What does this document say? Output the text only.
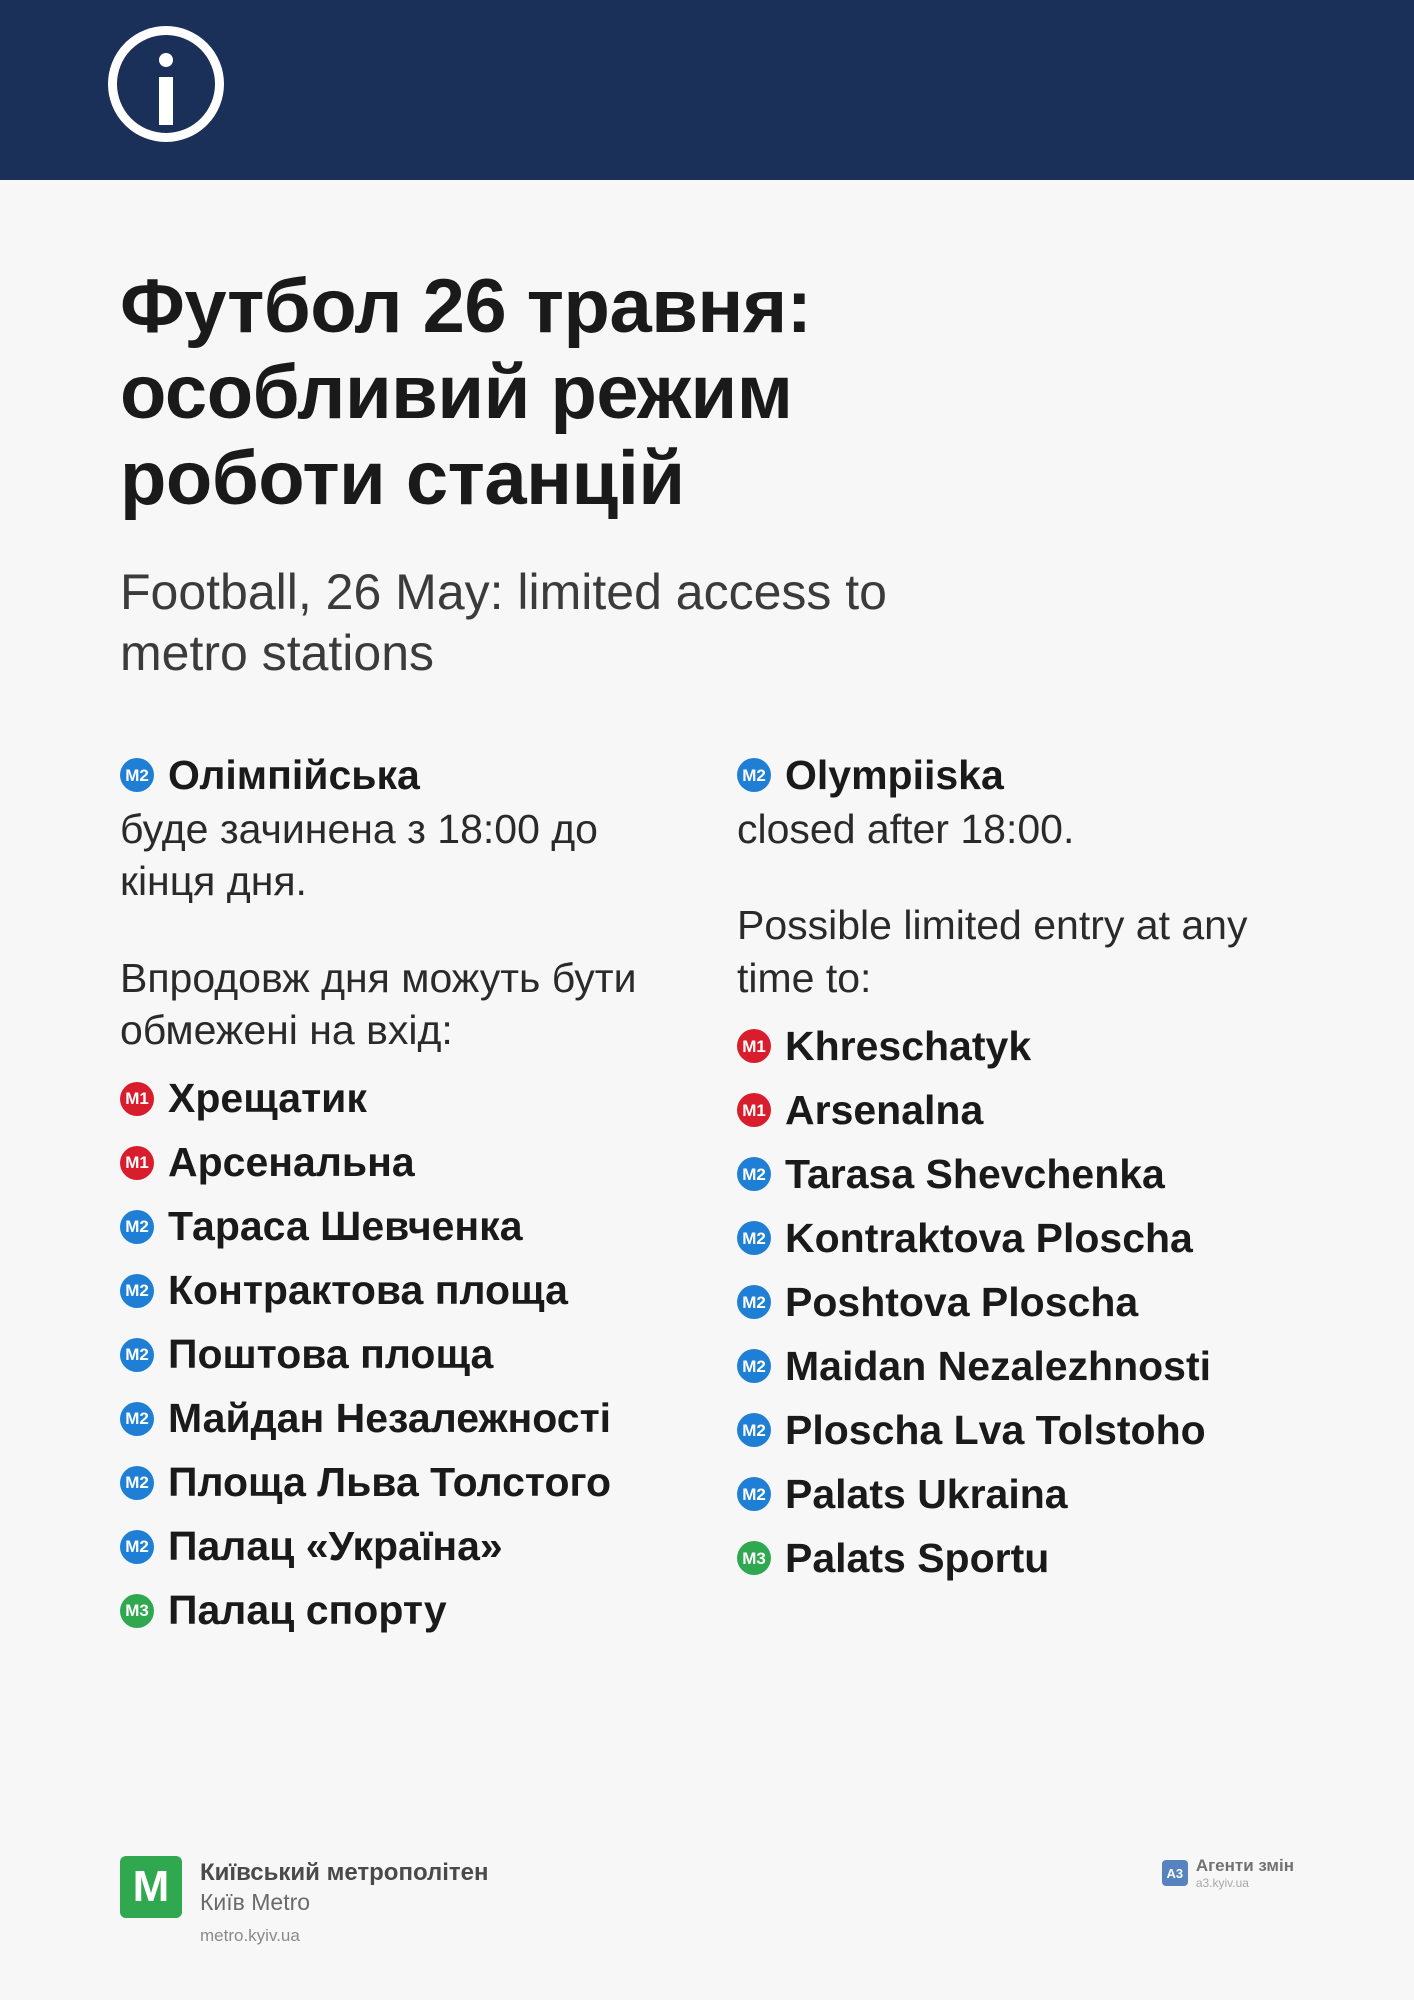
Футбол 26 травня: особливий режим роботи станцій

Football, 26 May: limited access to metro stations

M2 Олімпійська

буде зачинена з 18:00 до кінця дня.

Впродовж дня можуть бути обмежені на вхід:

M1 Хрещатик
M1 Арсенальна
M2 Тараса Шевченка
M2 Контрактова площа
M2 Поштова площа
M2 Майдан Незалежності
M2 Площа Льва Толстого
M2 Палац «Україна»
M3 Палац спорту
M2 Olympiiska

closed after 18:00.

Possible limited entry at any time to:

M1 Khreschatyk
M1 Arsenalna
M2 Tarasa Shevchenka
M2 Kontraktova Ploscha
M2 Poshtova Ploscha
M2 Maidan Nezalezhnosti
M2 Ploscha Lva Tolstoho
M2 Palats Ukraina
M3 Palats Sportu
M	Київський метрополітен
Київ Metro
metro.kyiv.ua
A3 Агенти змін
a3.kyiv.ua
